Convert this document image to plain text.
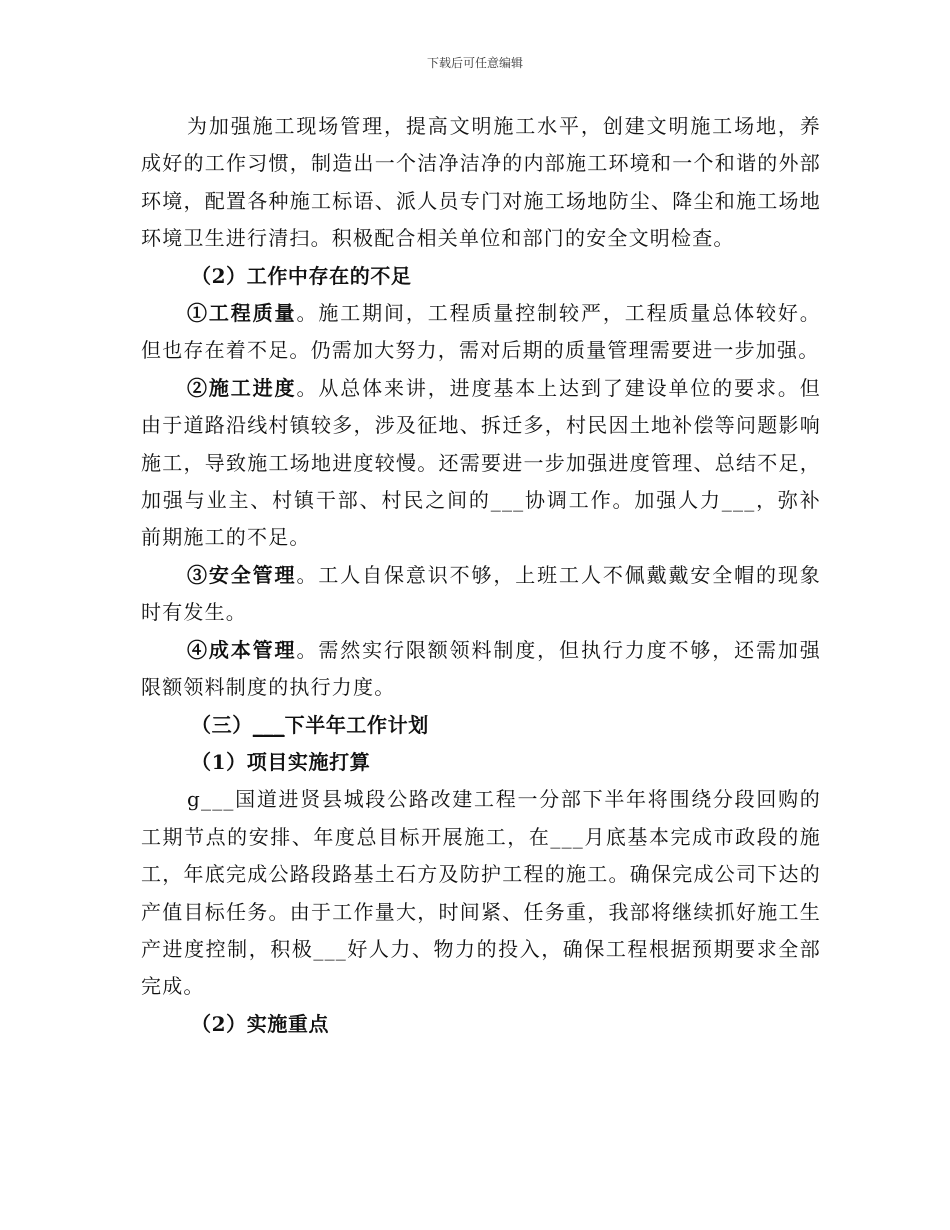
下载后可任意编辑

为加强施工现场管理，提高文明施工水平，创建文明施工场地，养成好的工作习惯，制造出一个洁净洁净的内部施工环境和一个和谐的外部环境，配置各种施工标语、派人员专门对施工场地防尘、降尘和施工场地环境卫生进行清扫。积极配合相关单位和部门的安全文明检查。

（2）工作中存在的不足

①工程质量。施工期间，工程质量控制较严，工程质量总体较好。但也存在着不足。仍需加大努力，需对后期的质量管理需要进一步加强。

②施工进度。从总体来讲，进度基本上达到了建设单位的要求。但由于道路沿线村镇较多，涉及征地、拆迁多，村民因土地补偿等问题影响施工，导致施工场地进度较慢。还需要进一步加强进度管理、总结不足，加强与业主、村镇干部、村民之间的___协调工作。加强人力___，弥补前期施工的不足。

③安全管理。工人自保意识不够，上班工人不佩戴戴安全帽的现象时有发生。

④成本管理。需然实行限额领料制度，但执行力度不够，还需加强限额领料制度的执行力度。

（三）___下半年工作计划

（1）项目实施打算

g___国道进贤县城段公路改建工程一分部下半年将围绕分段回购的工期节点的安排、年度总目标开展施工，在___月底基本完成市政段的施工，年底完成公路段路基土石方及防护工程的施工。确保完成公司下达的产值目标任务。由于工作量大，时间紧、任务重，我部将继续抓好施工生产进度控制，积极___好人力、物力的投入，确保工程根据预期要求全部完成。

（2）实施重点
